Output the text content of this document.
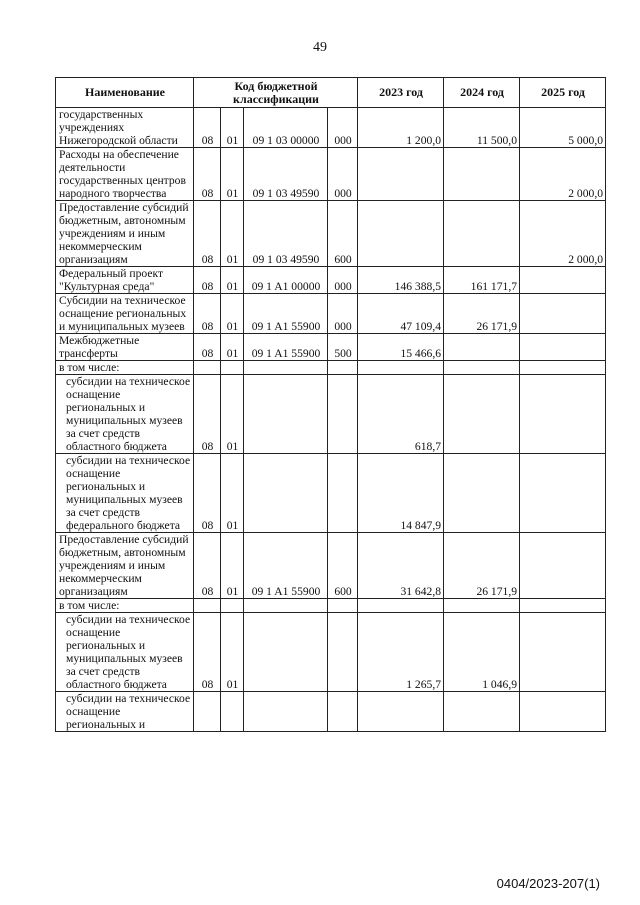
49
Наименование	Код бюджетной классификации				2023 год	2024 год	2025 год
государственных учреждениях Нижегородской области	08	01	09 1 03 00000	000	1 200,0	11 500,0	5 000,0
Расходы на обеспечение деятельности государственных центров народного творчества	08	01	09 1 03 49590	000			2 000,0
Предоставление субсидий бюджетным, автономным учреждениям и иным некоммерческим организациям	08	01	09 1 03 49590	600			2 000,0
Федеральный проект "Культурная среда"	08	01	09 1 A1 00000	000	146 388,5	161 171,7	
Субсидии на техническое оснащение региональных и муниципальных музеев	08	01	09 1 A1 55900	000	47 109,4	26 171,9	
Межбюджетные трансферты	08	01	09 1 A1 55900	500	15 466,6		
в том числе:							
субсидии на техническое оснащение региональных и муниципальных музеев за счет средств областного бюджета	08	01			618,7		
субсидии на техническое оснащение региональных и муниципальных музеев за счет средств федерального бюджета	08	01			14 847,9		
Предоставление субсидий бюджетным, автономным учреждениям и иным некоммерческим организациям	08	01	09 1 A1 55900	600	31 642,8	26 171,9	
в том числе:							
субсидии на техническое оснащение региональных и муниципальных музеев за счет средств областного бюджета	08	01			1 265,7	1 046,9	
субсидии на техническое оснащение региональных и							
0404/2023-207(1)
